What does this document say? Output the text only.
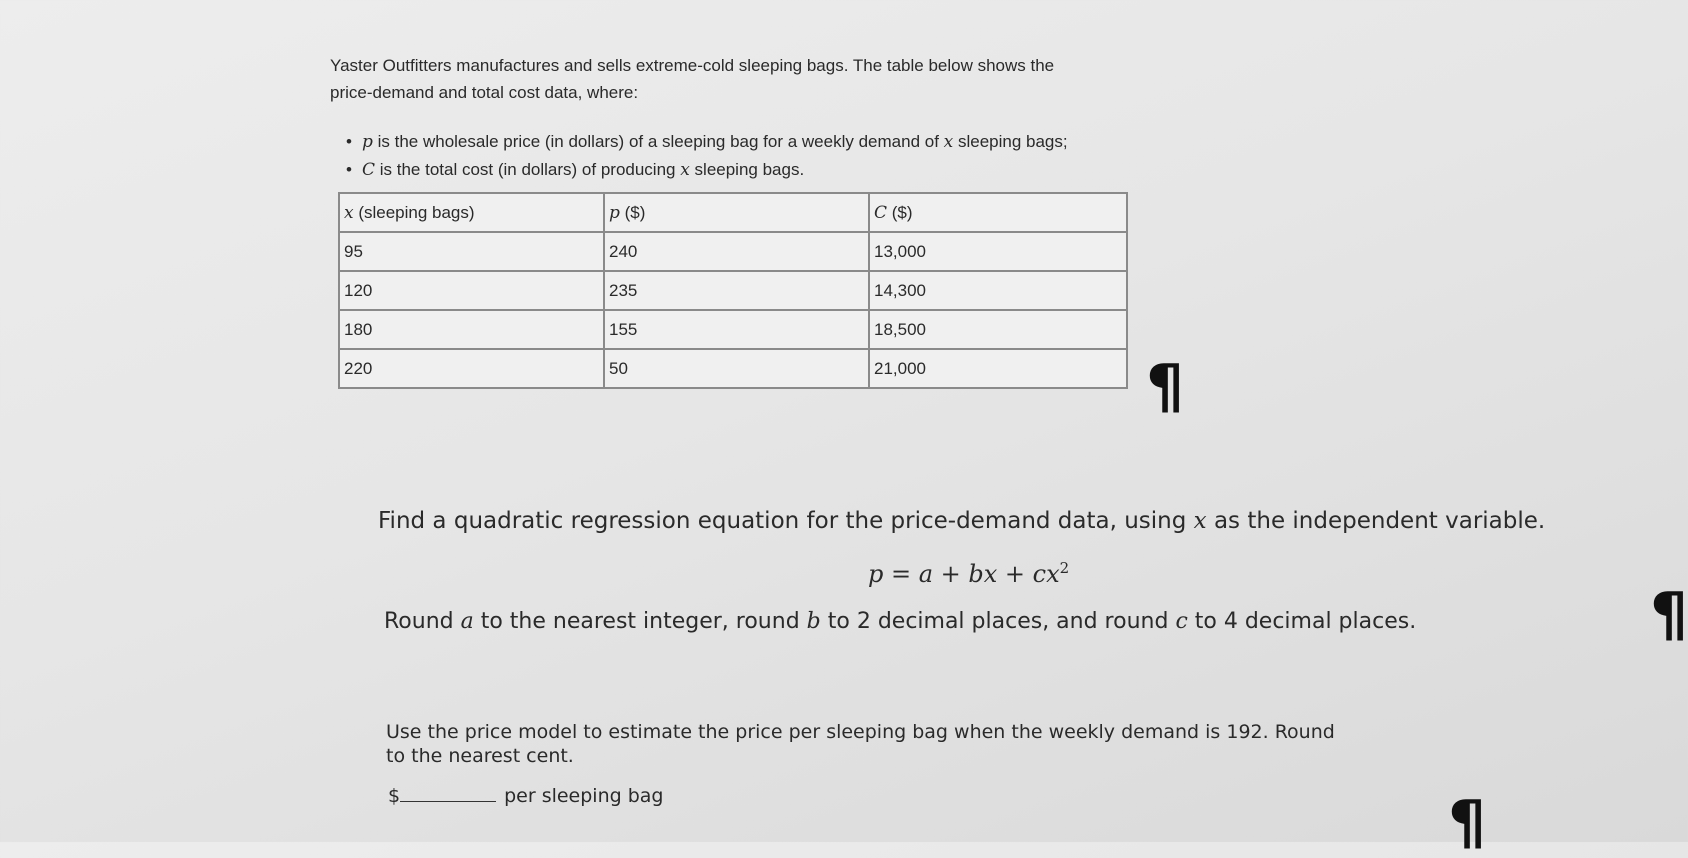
Yaster Outfitters manufactures and sells extreme-cold sleeping bags. The table below shows the

price-demand and total cost data, where:

• p is the wholesale price (in dollars) of a sleeping bag for a weekly demand of x sleeping bags;
• C is the total cost (in dollars) of producing x sleeping bags.
x (sleeping bags)	p ($)	C ($)
95	240	13,000
120	235	14,300
180	155	18,500
220	50	21,000	¶
¶
¶
Find a quadratic regression equation for the price-demand data, using x as the independent variable.
p = a + bx + $cx^2$
Round a to the nearest integer, round b to 2 decimal places, and round c to 4 decimal places.
Use the price model to estimate the price per sleeping bag when the weekly demand is 192. Round
to the nearest cent.
$	per sleeping bag
